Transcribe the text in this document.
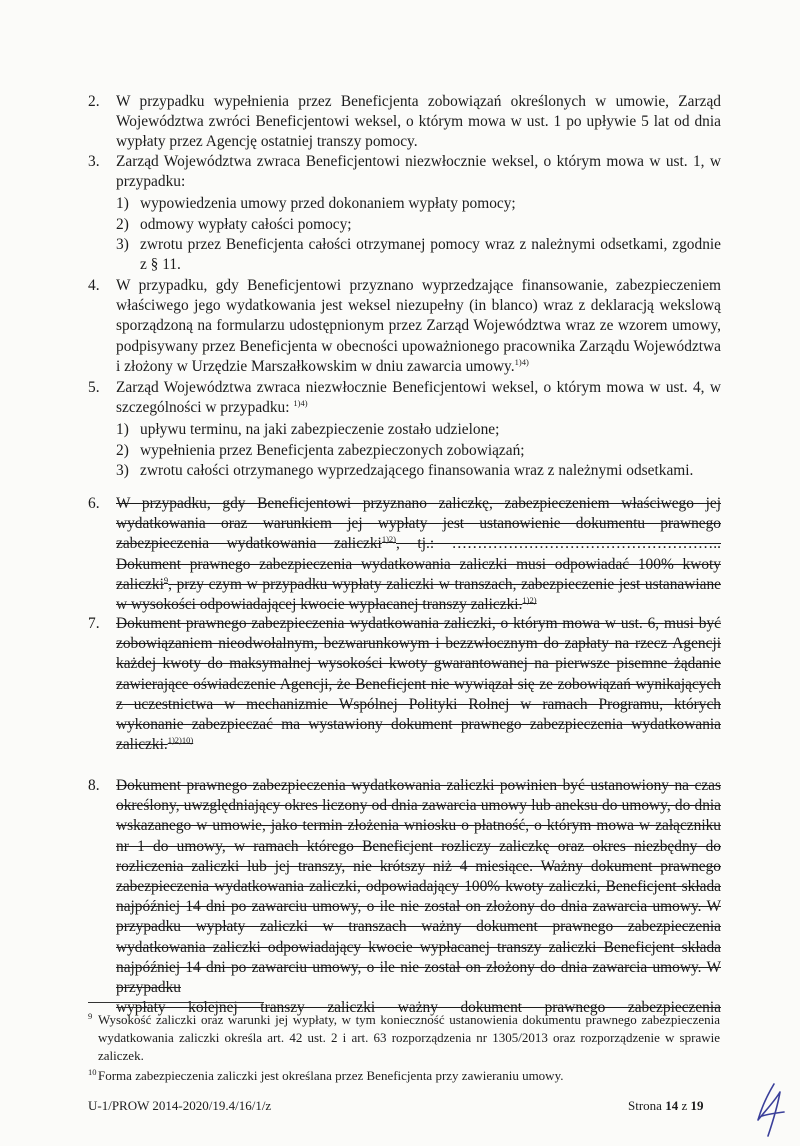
2. W przypadku wypełnienia przez Beneficjenta zobowiązań określonych w umowie, Zarząd Województwa zwróci Beneficjentowi weksel, o którym mowa w ust. 1 po upływie 5 lat od dnia wypłaty przez Agencję ostatniej transzy pomocy.
3. Zarząd Województwa zwraca Beneficjentowi niezwłocznie weksel, o którym mowa w ust. 1, w przypadku:
1) wypowiedzenia umowy przed dokonaniem wypłaty pomocy;
2) odmowy wypłaty całości pomocy;
3) zwrotu przez Beneficjenta całości otrzymanej pomocy wraz z należnymi odsetkami, zgodnie z § 11.
4. W przypadku, gdy Beneficjentowi przyznano wyprzedzające finansowanie, zabezpieczeniem właściwego jego wydatkowania jest weksel niezupełny (in blanco) wraz z deklaracją wekslową sporządzoną na formularzu udostępnionym przez Zarząd Województwa wraz ze wzorem umowy, podpisywany przez Beneficjenta w obecności upoważnionego pracownika Zarządu Województwa i złożony w Urzędzie Marszałkowskim w dniu zawarcia umowy.$^{1)4)}$
5. Zarząd Województwa zwraca niezwłocznie Beneficjentowi weksel, o którym mowa w ust. 4, w szczególności w przypadku: $^{1)4)}$
1) upływu terminu, na jaki zabezpieczenie zostało udzielone;
2) wypełnienia przez Beneficjenta zabezpieczonych zobowiązań;
3) zwrotu całości otrzymanego wyprzedzającego finansowania wraz z należnymi odsetkami.
6. W przypadku, gdy Beneficjentowi przyznano zaliczkę, zabezpieczeniem właściwego jej wydatkowania oraz warunkiem jej wypłaty jest ustanowienie dokumentu prawnego zabezpieczenia wydatkowania zaliczki$^{1)2)}$, tj.: …………………………………………….. Dokument prawnego zabezpieczenia wydatkowania zaliczki musi odpowiadać 100% kwoty zaliczki$^9$, przy czym w przypadku wypłaty zaliczki w transzach, zabezpieczenie jest ustanawiane w wysokości odpowiadającej kwocie wypłacanej transzy zaliczki.$^{1)2)}$
7. Dokument prawnego zabezpieczenia wydatkowania zaliczki, o którym mowa w ust. 6, musi być zobowiązaniem nieodwołalnym, bezwarunkowym i bezzwłocznym do zapłaty na rzecz Agencji każdej kwoty do maksymalnej wysokości kwoty gwarantowanej na pierwsze pisemne żądanie zawierające oświadczenie Agencji, że Beneficjent nie wywiązał się ze zobowiązań wynikających z uczestnictwa w mechanizmie Wspólnej Polityki Rolnej w ramach Programu, których wykonanie zabezpieczać ma wystawiony dokument prawnego zabezpieczenia wydatkowania zaliczki.$^{1)2)10)}$
8. Dokument prawnego zabezpieczenia wydatkowania zaliczki powinien być ustanowiony na czas określony, uwzględniający okres liczony od dnia zawarcia umowy lub aneksu do umowy, do dnia wskazanego w umowie, jako termin złożenia wniosku o płatność, o którym mowa w załączniku nr 1 do umowy, w ramach którego Beneficjent rozliczy zaliczkę oraz okres niezbędny do rozliczenia zaliczki lub jej transzy, nie krótszy niż 4 miesiące. Ważny dokument prawnego zabezpieczenia wydatkowania zaliczki, odpowiadający 100% kwoty zaliczki, Beneficjent składa najpóźniej 14 dni po zawarciu umowy, o ile nie został on złożony do dnia zawarcia umowy. W przypadku wypłaty zaliczki w transzach ważny dokument prawnego zabezpieczenia wydatkowania zaliczki odpowiadający kwocie wypłacanej transzy zaliczki Beneficjent składa najpóźniej 14 dni po zawarciu umowy, o ile nie został on złożony do dnia zawarcia umowy. W przypadku
wypłaty kolejnej transzy zaliczki ważny dokument prawnego zabezpieczenia
9 Wysokość zaliczki oraz warunki jej wypłaty, w tym konieczność ustanowienia dokumentu prawnego zabezpieczenia wydatkowania zaliczki określa art. 42 ust. 2 i art. 63 rozporządzenia nr 1305/2013 oraz rozporządzenie w sprawie zaliczek.
10 Forma zabezpieczenia zaliczki jest określana przez Beneficjenta przy zawieraniu umowy.
U-1/PROW 2014-2020/19.4/16/1/z	Strona 14 z 19
